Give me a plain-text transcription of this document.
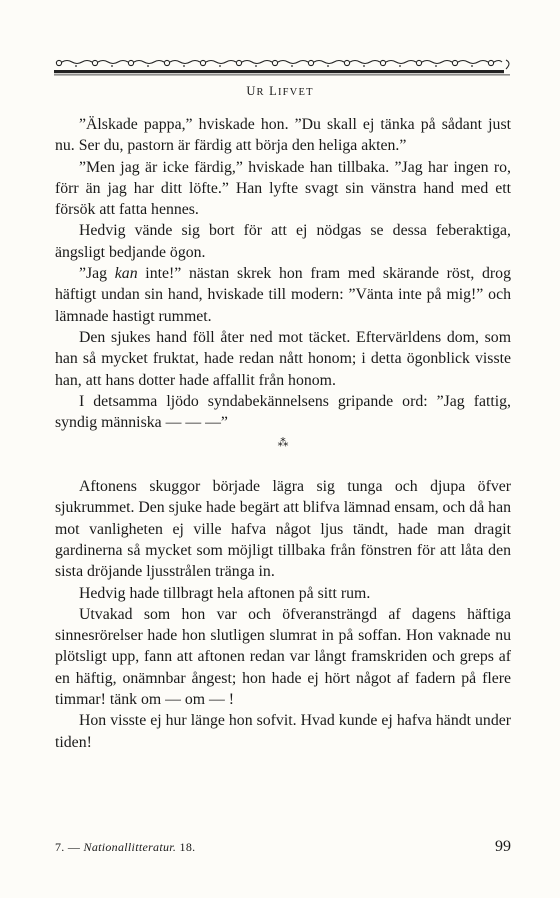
UR LIFVET

”Älskade pappa,” hviskade hon. ”Du skall ej tänka på sådant just nu. Ser du, pastorn är färdig att börja den heliga akten.”

”Men jag är icke färdig,” hviskade han tillbaka. ”Jag har ingen ro, förr än jag har ditt löfte.” Han lyfte svagt sin vänstra hand med ett försök att fatta hennes.

Hedvig vände sig bort för att ej nödgas se dessa feberaktiga, ängsligt bedjande ögon.

”Jag kan inte!” nästan skrek hon fram med skärande röst, drog häftigt undan sin hand, hviskade till modern: ”Vänta inte på mig!” och lämnade hastigt rummet.

Den sjukes hand föll åter ned mot täcket. Eftervärldens dom, som han så mycket fruktat, hade redan nått honom; i detta ögonblick visste han, att hans dotter hade affallit från honom.

I detsamma ljödo syndabekännelsens gripande ord: ”Jag fattig, syndig människa — — —”

⁂

Aftonens skuggor började lägra sig tunga och djupa öfver sjukrummet. Den sjuke hade begärt att blifva lämnad ensam, och då han mot vanligheten ej ville hafva något ljus tändt, hade man dragit gardinerna så mycket som möjligt tillbaka från fönstren för att låta den sista dröjande ljusstrålen tränga in.

Hedvig hade tillbragt hela aftonen på sitt rum.

Utvakad som hon var och öfveransträngd af dagens häftiga sinnesrörelser hade hon slutligen slumrat in på soffan. Hon vaknade nu plötsligt upp, fann att aftonen redan var långt framskriden och greps af en häftig, onämnbar ångest; hon hade ej hört något af fadern på flere timmar! tänk om — om — !

Hon visste ej hur länge hon sofvit. Hvad kunde ej hafva händt under tiden!

7. — Nationallitteratur. 18.	99
